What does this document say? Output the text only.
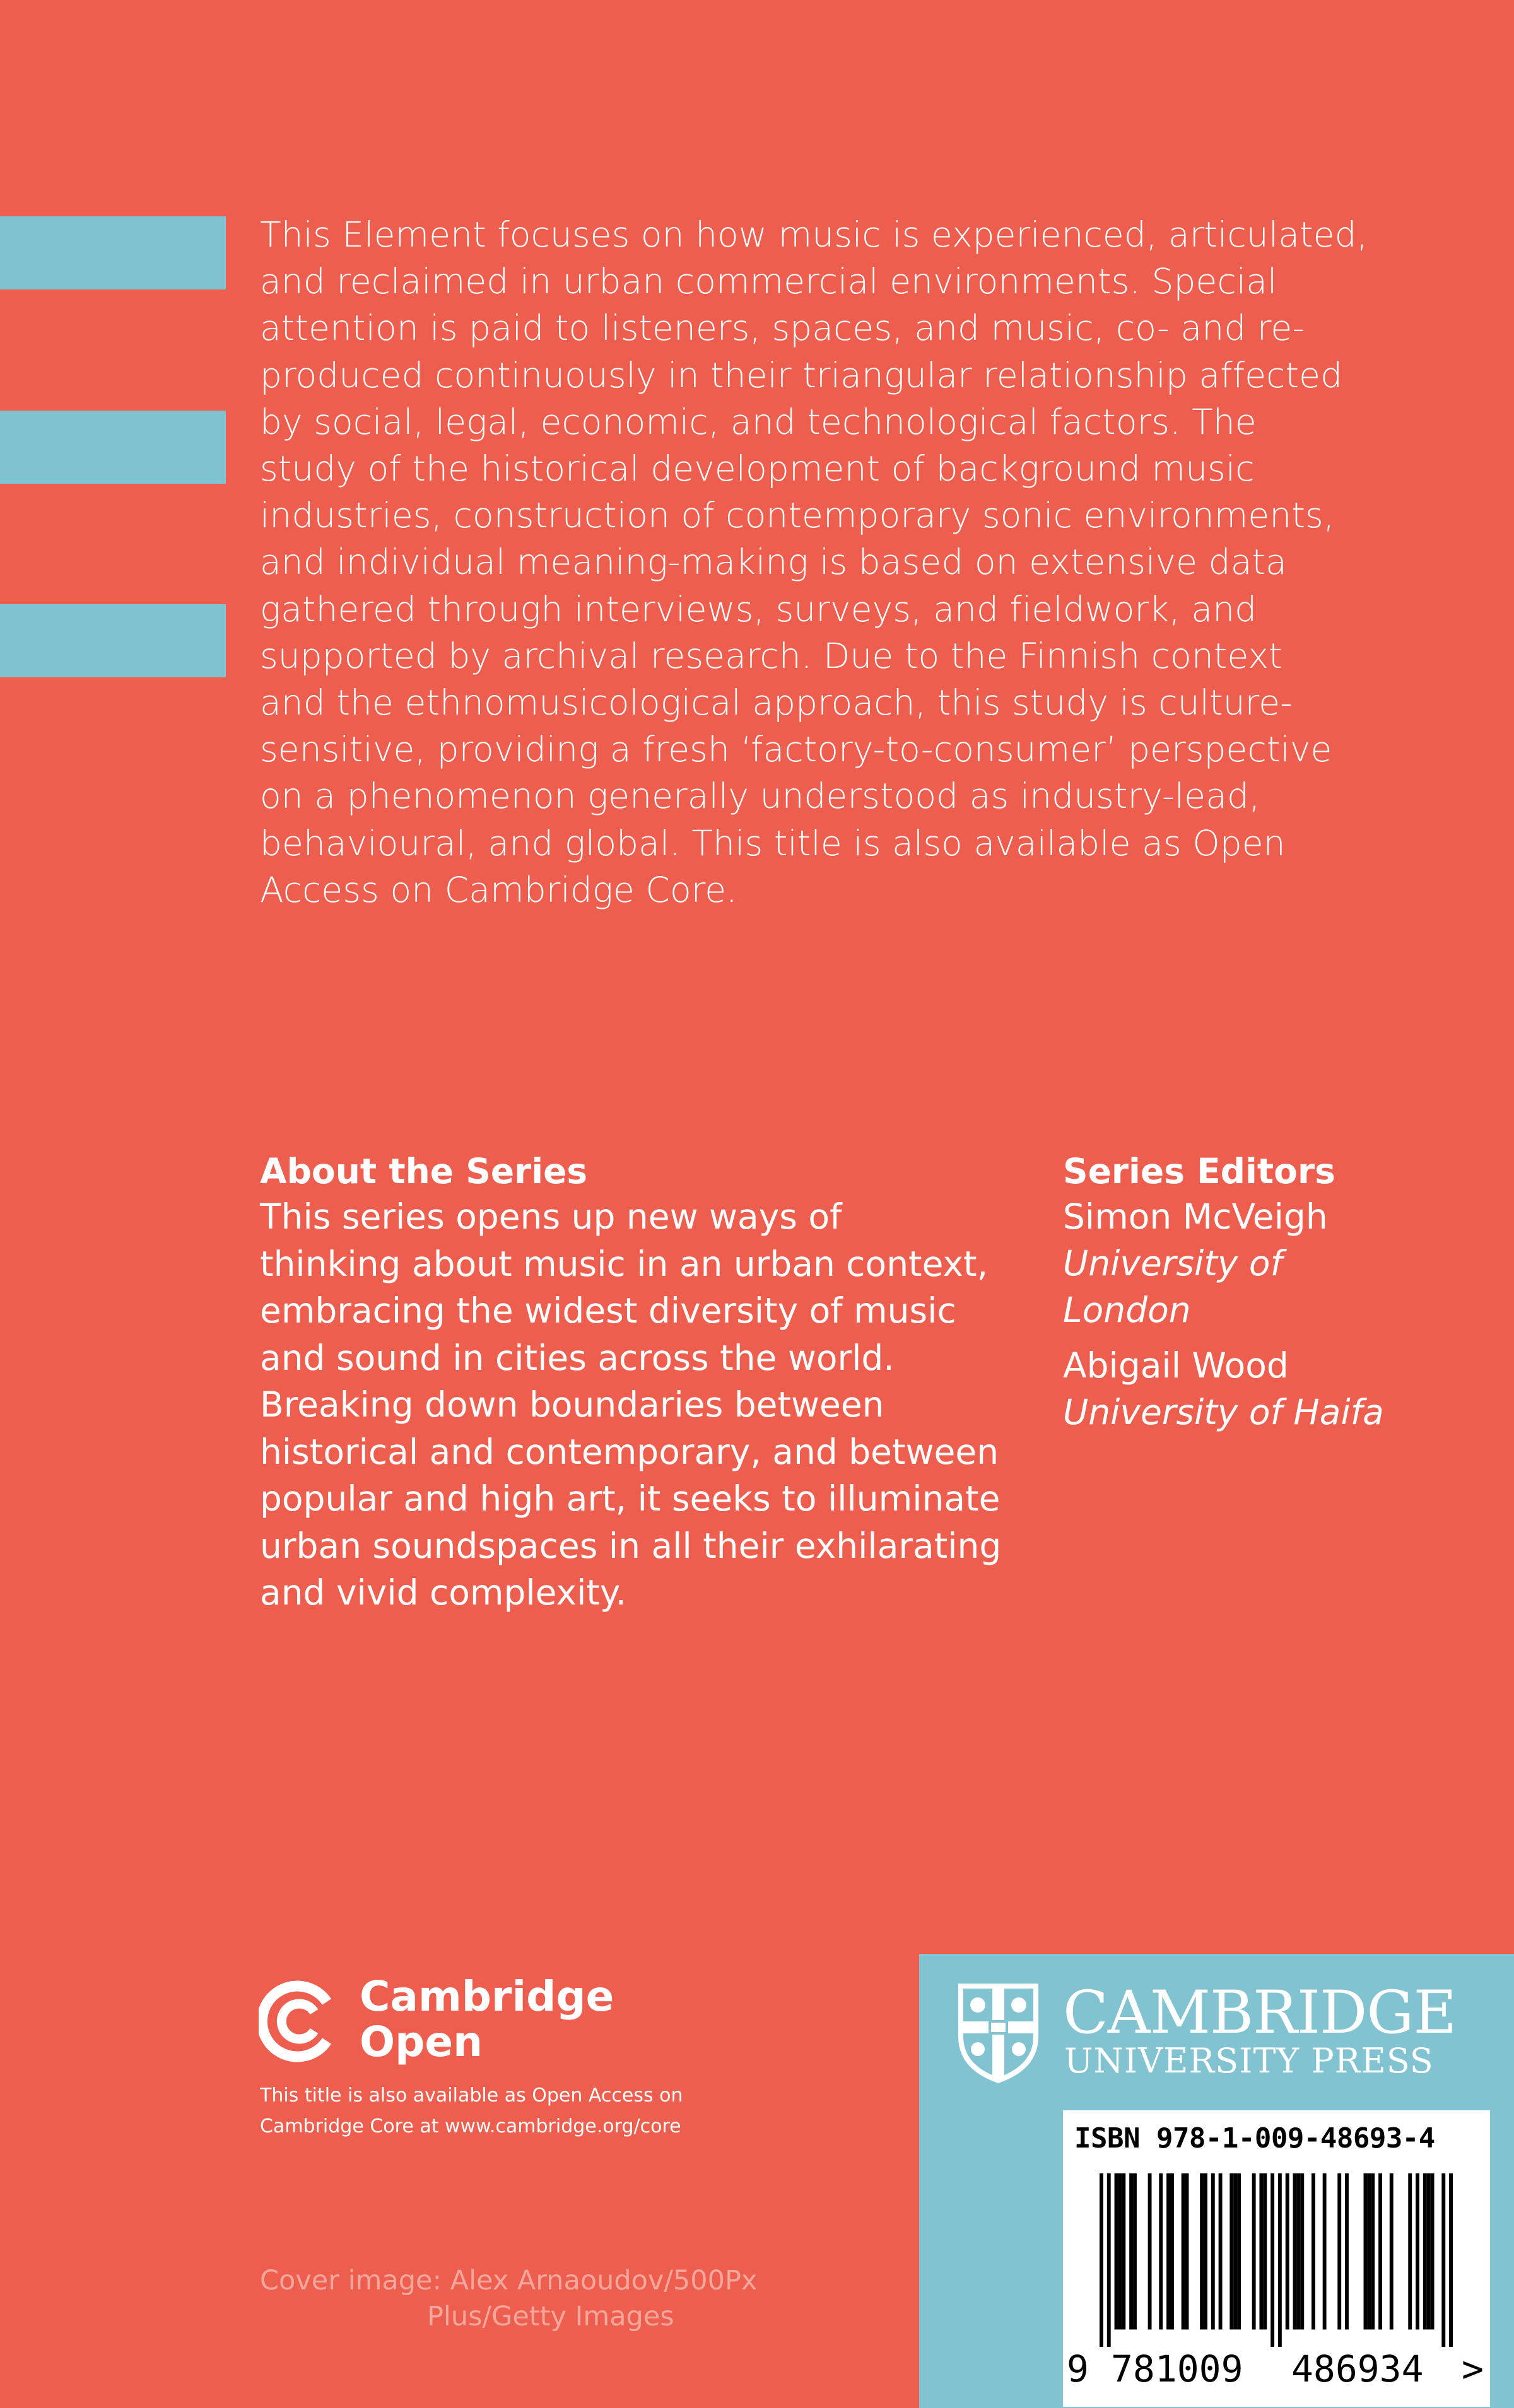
This Element focuses on how music is experienced, articulated,
and reclaimed in urban commercial environments. Special
attention is paid to listeners, spaces, and music, co- and re-
produced continuously in their triangular relationship affected
by social, legal, economic, and technological factors. The
study of the historical development of background music
industries, construction of contemporary sonic environments,
and individual meaning-making is based on extensive data
gathered through interviews, surveys, and fieldwork, and
supported by archival research. Due to the Finnish context
and the ethnomusicological approach, this study is culture-
sensitive, providing a fresh ‘factory-to-consumer’ perspective
on a phenomenon generally understood as industry-lead,
behavioural, and global. This title is also available as Open
Access on Cambridge Core.
About the Series

This series opens up new ways of
thinking about music in an urban context,
embracing the widest diversity of music
and sound in cities across the world.
Breaking down boundaries between
historical and contemporary, and between
popular and high art, it seeks to illuminate
urban soundspaces in all their exhilarating
and vivid complexity.

Series Editors
Simon McVeigh
University of
London
Abigail Wood
University of Haifa
Cambridge
Open
This title is also available as Open Access on
Cambridge Core at www.cambridge.org/core
Cover image: Alex Arnaoudov/500Px
Plus/Getty Images
CAMBRIDGE
UNIVERSITY PRESS
ISBN 978-1-009-48693-4
9 781009 486934 >
